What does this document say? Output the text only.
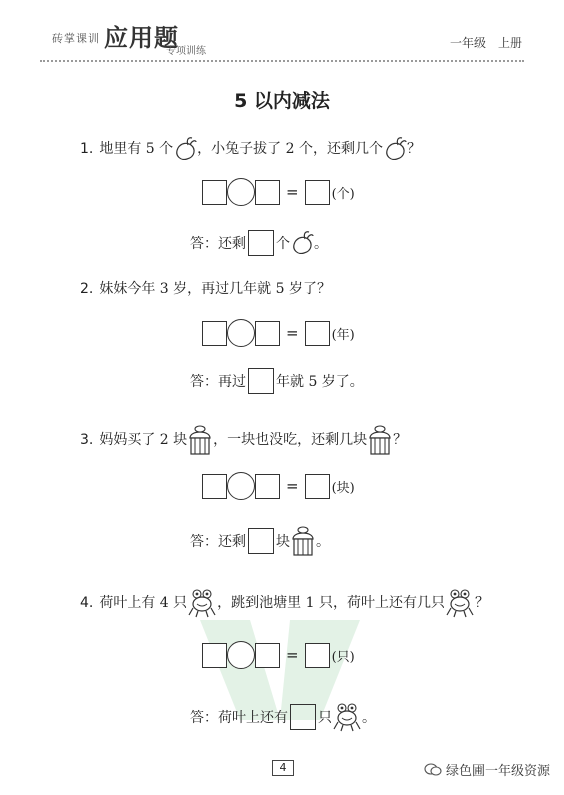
砖掌课训 应用题
专项训练
一年级　上册
5 以内减法
1. 地里有 5 个 ，小兔子拔了 2 个，还剩几个 ？
=	(个)
答：还剩 个 。
2. 妹妹今年 3 岁，再过几年就 5 岁了？
=	(年)
答：再过 年就 5 岁了。
3. 妈妈买了 2 块 ，一块也没吃，还剩几块 ？
=	(块)
答：还剩 块 。
4. 荷叶上有 4 只 ，跳到池塘里 1 只，荷叶上还有几只 ？
=	(只)
答：荷叶上还有 只 。
4	绿色圃一年级资源
